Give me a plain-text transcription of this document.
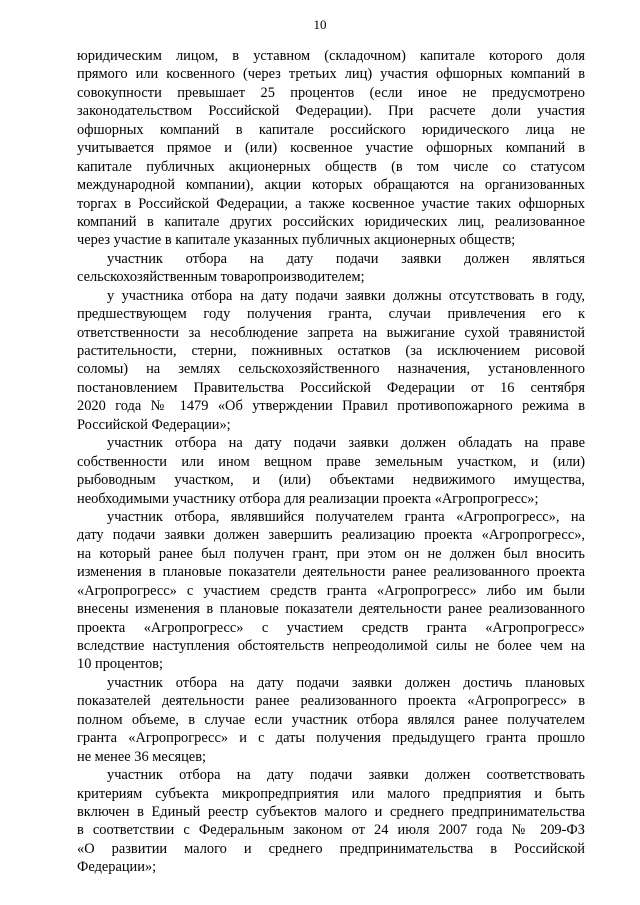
10
юридическим лицом, в уставном (складочном) капитале которого доля
прямого или косвенного (через третьих лиц) участия офшорных компаний в
совокупности превышает 25 процентов (если иное не предусмотрено
законодательством Российской Федерации). При расчете доли участия
офшорных компаний в капитале российского юридического лица не
учитывается прямое и (или) косвенное участие офшорных компаний в
капитале публичных акционерных обществ (в том числе со статусом
международной компании), акции которых обращаются на организованных
торгах в Российской Федерации, а также косвенное участие таких офшорных
компаний в капитале других российских юридических лиц, реализованное
через участие в капитале указанных публичных акционерных обществ;
участник отбора на дату подачи заявки должен являться
сельскохозяйственным товаропроизводителем;
у участника отбора на дату подачи заявки должны отсутствовать в году,
предшествующем году получения гранта, случаи привлечения его к
ответственности за несоблюдение запрета на выжигание сухой травянистой
растительности, стерни, пожнивных остатков (за исключением рисовой
соломы) на землях сельскохозяйственного назначения, установленного
постановлением Правительства Российской Федерации от 16 сентября
2020 года № 1479 «Об утверждении Правил противопожарного режима в
Российской Федерации»;
участник отбора на дату подачи заявки должен обладать на праве
собственности или ином вещном праве земельным участком, и (или)
рыбоводным участком, и (или) объектами недвижимого имущества,
необходимыми участнику отбора для реализации проекта «Агропрогресс»;
участник отбора, являвшийся получателем гранта «Агропрогресс», на
дату подачи заявки должен завершить реализацию проекта «Агропрогресс»,
на который ранее был получен грант, при этом он не должен был вносить
изменения в плановые показатели деятельности ранее реализованного проекта
«Агропрогресс» с участием средств гранта «Агропрогресс» либо им были
внесены изменения в плановые показатели деятельности ранее реализованного
проекта «Агропрогресс» с участием средств гранта «Агропрогресс»
вследствие наступления обстоятельств непреодолимой силы не более чем на
10 процентов;
участник отбора на дату подачи заявки должен достичь плановых
показателей деятельности ранее реализованного проекта «Агропрогресс» в
полном объеме, в случае если участник отбора являлся ранее получателем
гранта «Агропрогресс» и с даты получения предыдущего гранта прошло
не менее 36 месяцев;
участник отбора на дату подачи заявки должен соответствовать
критериям субъекта микропредприятия или малого предприятия и быть
включен в Единый реестр субъектов малого и среднего предпринимательства
в соответствии с Федеральным законом от 24 июля 2007 года № 209-ФЗ
«О развитии малого и среднего предпринимательства в Российской
Федерации»;
